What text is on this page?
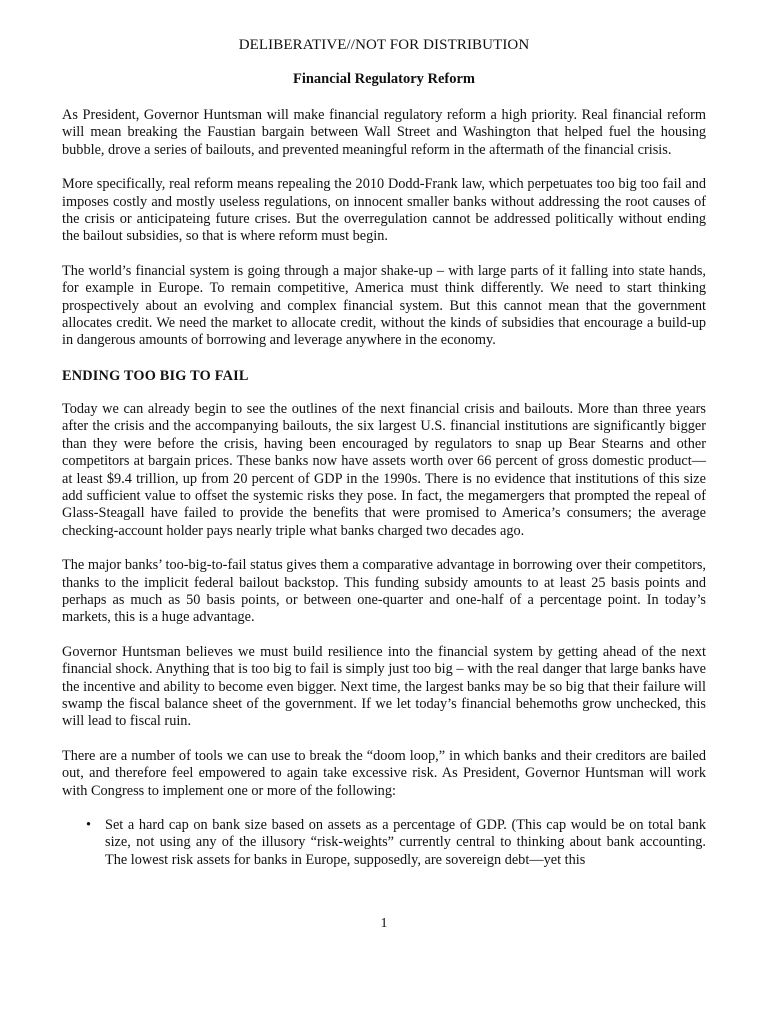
DELIBERATIVE//NOT FOR DISTRIBUTION
Financial Regulatory Reform

As President, Governor Huntsman will make financial regulatory reform a high priority. Real financial reform will mean breaking the Faustian bargain between Wall Street and Washington that helped fuel the housing bubble, drove a series of bailouts, and prevented meaningful reform in the aftermath of the financial crisis.

More specifically, real reform means repealing the 2010 Dodd-Frank law, which perpetuates too big too fail and imposes costly and mostly useless regulations, on innocent smaller banks without addressing the root causes of the crisis or anticipateing future crises. But the overregulation cannot be addressed politically without ending the bailout subsidies, so that is where reform must begin.

The world’s financial system is going through a major shake-up – with large parts of it falling into state hands, for example in Europe. To remain competitive, America must think differently. We need to start thinking prospectively about an evolving and complex financial system. But this cannot mean that the government allocates credit. We need the market to allocate credit, without the kinds of subsidies that encourage a build-up in dangerous amounts of borrowing and leverage anywhere in the economy.

ENDING TOO BIG TO FAIL

Today we can already begin to see the outlines of the next financial crisis and bailouts. More than three years after the crisis and the accompanying bailouts, the six largest U.S. financial institutions are significantly bigger than they were before the crisis, having been encouraged by regulators to snap up Bear Stearns and other competitors at bargain prices. These banks now have assets worth over 66 percent of gross domestic product—at least $9.4 trillion, up from 20 percent of GDP in the 1990s. There is no evidence that institutions of this size add sufficient value to offset the systemic risks they pose. In fact, the megamergers that prompted the repeal of Glass-Steagall have failed to provide the benefits that were promised to America’s consumers; the average checking-account holder pays nearly triple what banks charged two decades ago.

The major banks’ too-big-to-fail status gives them a comparative advantage in borrowing over their competitors, thanks to the implicit federal bailout backstop. This funding subsidy amounts to at least 25 basis points and perhaps as much as 50 basis points, or between one-quarter and one-half of a percentage point. In today’s markets, this is a huge advantage.

Governor Huntsman believes we must build resilience into the financial system by getting ahead of the next financial shock. Anything that is too big to fail is simply just too big – with the real danger that large banks have the incentive and ability to become even bigger. Next time, the largest banks may be so big that their failure will swamp the fiscal balance sheet of the government. If we let today’s financial behemoths grow unchecked, this will lead to fiscal ruin.

There are a number of tools we can use to break the “doom loop,” in which banks and their creditors are bailed out, and therefore feel empowered to again take excessive risk. As President, Governor Huntsman will work with Congress to implement one or more of the following:

• Set a hard cap on bank size based on assets as a percentage of GDP. (This cap would be on total bank size, not using any of the illusory “risk-weights” currently central to thinking about bank accounting. The lowest risk assets for banks in Europe, supposedly, are sovereign debt—yet this
1
